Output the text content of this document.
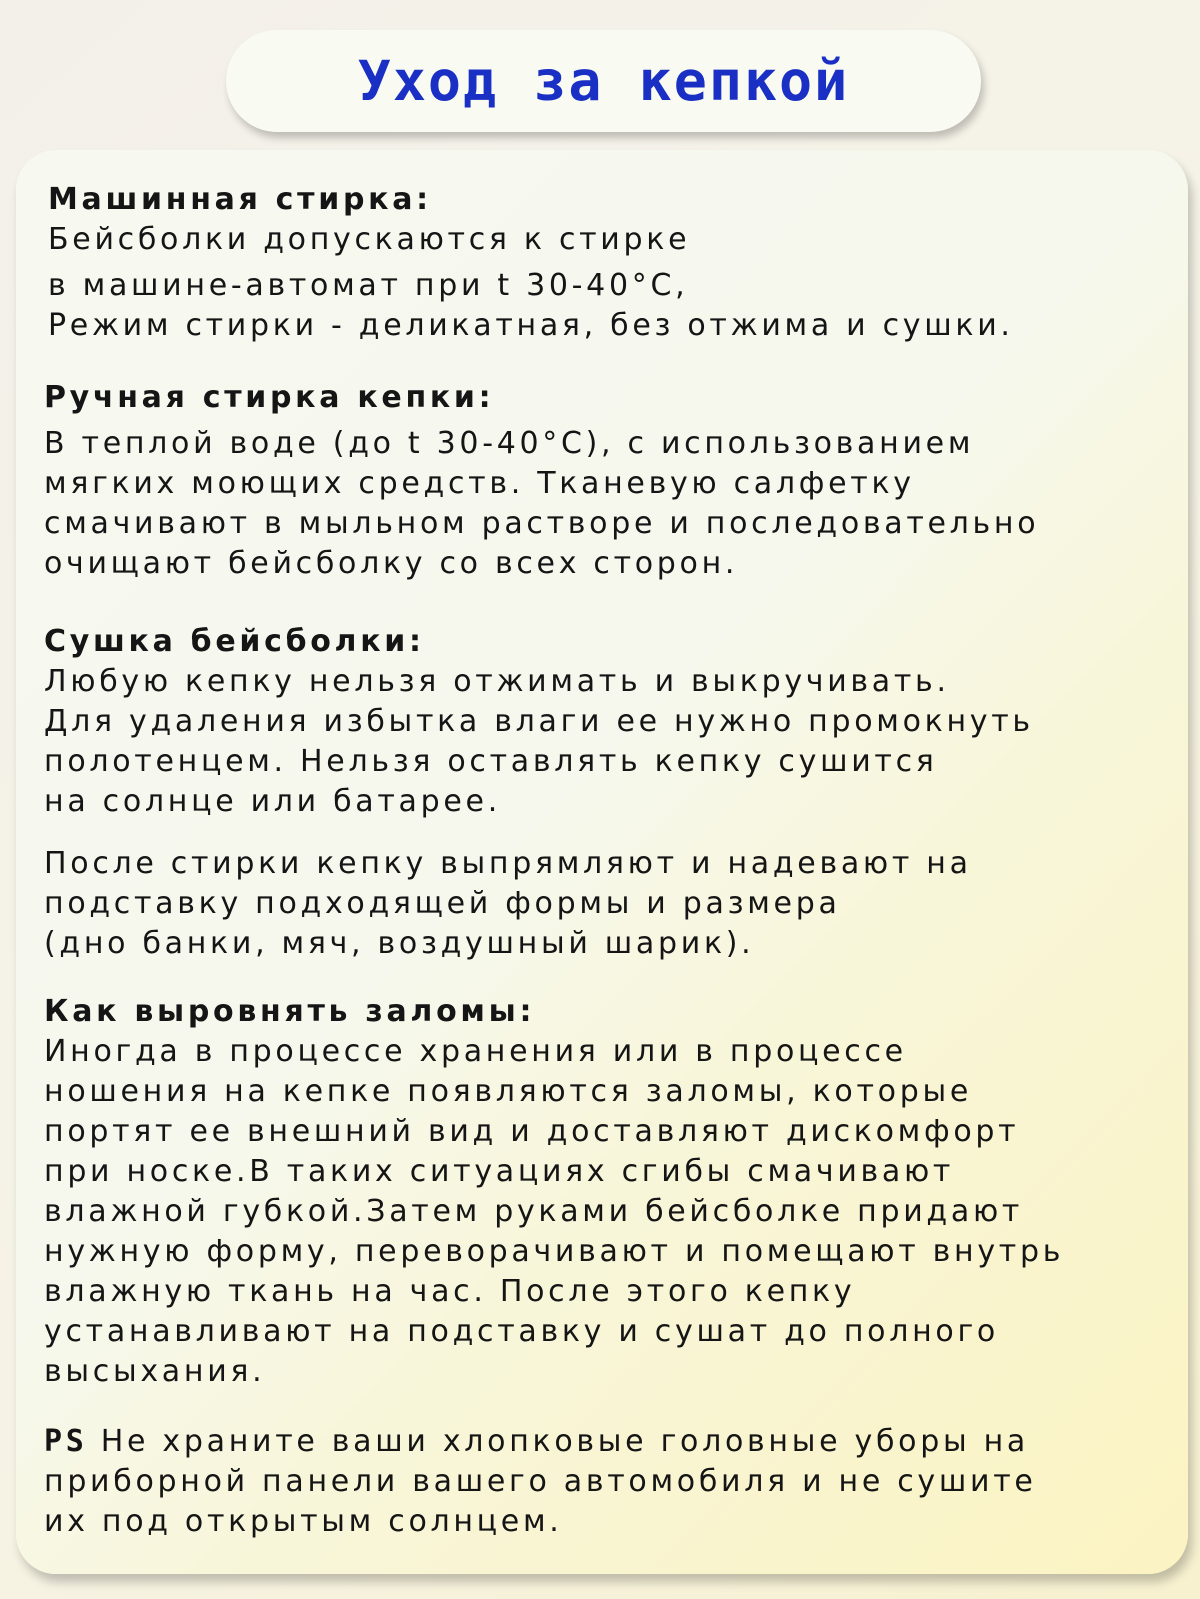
Уход за кепкой

Машинная стирка:

Бейсболки допускаются к стирке

в машине-автомат при t 30-40°C,

Режим стирки - деликатная, без отжима и сушки.

Ручная стирка кепки:

В теплой воде (до t 30-40°C), с использованием

мягких моющих средств. Тканевую салфетку

смачивают в мыльном растворе и последовательно

очищают бейсболку со всех сторон.

Сушка бейсболки:

Любую кепку нельзя отжимать и выкручивать.

Для удаления избытка влаги ее нужно промокнуть

полотенцем. Нельзя оставлять кепку сушится

на солнце или батарее.

После стирки кепку выпрямляют и надевают на

подставку подходящей формы и размера

(дно банки, мяч, воздушный шарик).

Как выровнять заломы:

Иногда в процессе хранения или в процессе

ношения на кепке появляются заломы, которые

портят ее внешний вид и доставляют дискомфорт

при носке.В таких ситуациях сгибы смачивают

влажной губкой.Затем руками бейсболке придают

нужную форму, переворачивают и помещают внутрь

влажную ткань на час. После этого кепку

устанавливают на подставку и сушат до полного

высыхания.

PS Не храните ваши хлопковые головные уборы на

приборной панели вашего автомобиля и не сушите

их под открытым солнцем.
